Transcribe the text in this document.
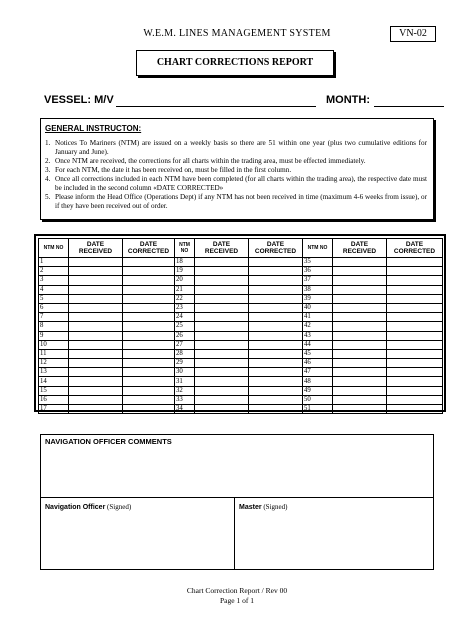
W.E.M. LINES MANAGEMENT SYSTEM	VN-02
CHART CORRECTIONS REPORT
VESSEL: M/V	MONTH:
GENERAL INSTRUCTON:
1. Notices To Mariners (NTM) are issued on a weekly basis so there are 51 within one year (plus two cumulative editions for January and June).
2. Once NTM are received, the corrections for all charts within the trading area, must be effected immediately.
3. For each NTM, the date it has been received on, must be filled in the first column.
4. Once all corrections included in each NTM have been completed (for all charts within the trading area), the respective date must be included in the second column «DATE CORRECTED»
5. Please inform the Head Office (Operations Dept) if any NTM has not been received in time (maximum 4-6 weeks from issue), or if they have been received out of order.
NTM NO	DATE RECEIVED	DATE CORRECTED	NTM NO	DATE RECEIVED	DATE CORRECTED	NTM NO	DATE RECEIVED	DATE CORRECTED
1			18			35		
2			19			36		
3			20			37		
4			21			38		
5			22			39		
6			23			40		
7			24			41		
8			25			42		
9			26			43		
10			27			44		
11			28			45		
12			29			46		
13			30			47		
14			31			48		
15			32			49		
16			33			50		
17			34			51		
NAVIGATION OFFICER COMMENTS
Navigation Officer (Signed)	Master (Signed)
Chart Correction Report / Rev 00
Page 1 of 1
